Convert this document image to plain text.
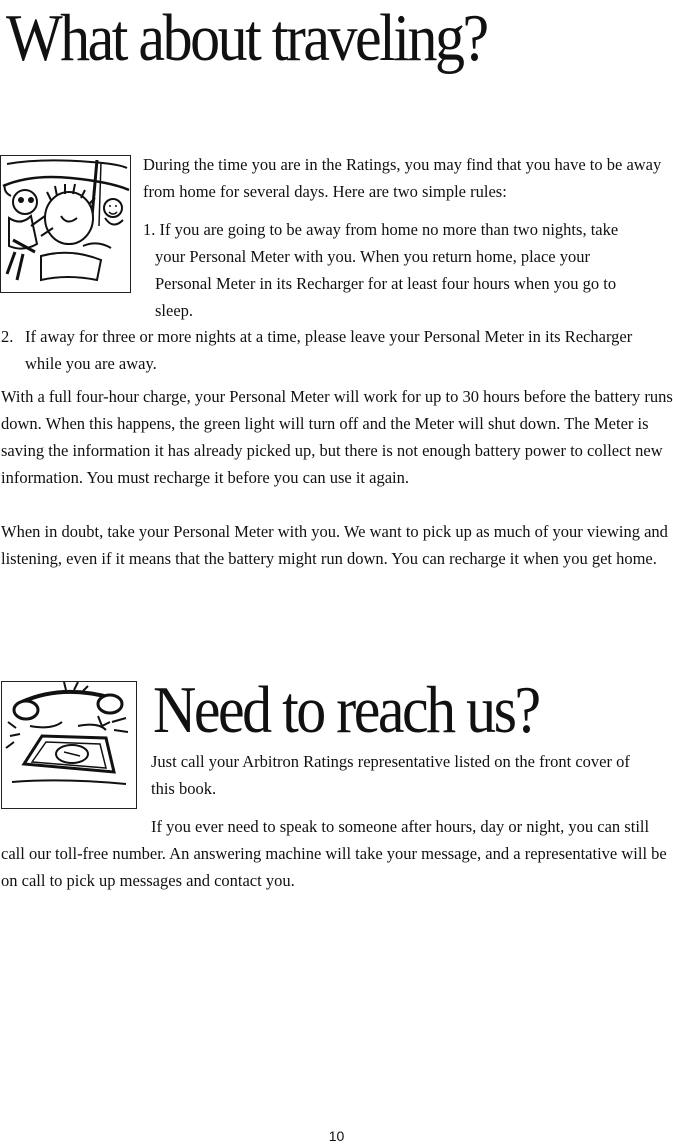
What about traveling?

During the time you are in the Ratings, you may find that you have to be away from home for several days. Here are two simple rules:

1. If you are going to be away from home no more than two nights, take your Personal Meter with you. When you return home, place your Personal Meter in its Recharger for at least four hours when you go to sleep.

2. If away for three or more nights at a time, please leave your Personal Meter in its Recharger while you are away.

With a full four-hour charge, your Personal Meter will work for up to 30 hours before the battery runs down. When this happens, the green light will turn off and the Meter will shut down. The Meter is saving the information it has already picked up, but there is not enough battery power to collect new information. You must recharge it before you can use it again.

When in doubt, take your Personal Meter with you. We want to pick up as much of your viewing and listening, even if it means that the battery might run down. You can recharge it when you get home.

Need to reach us?

Just call your Arbitron Ratings representative listed on the front cover of this book.

If you ever need to speak to someone after hours, day or night, you can still call our toll-free number. An answering machine will take your message, and a representative will be on call to pick up messages and contact you.

10
